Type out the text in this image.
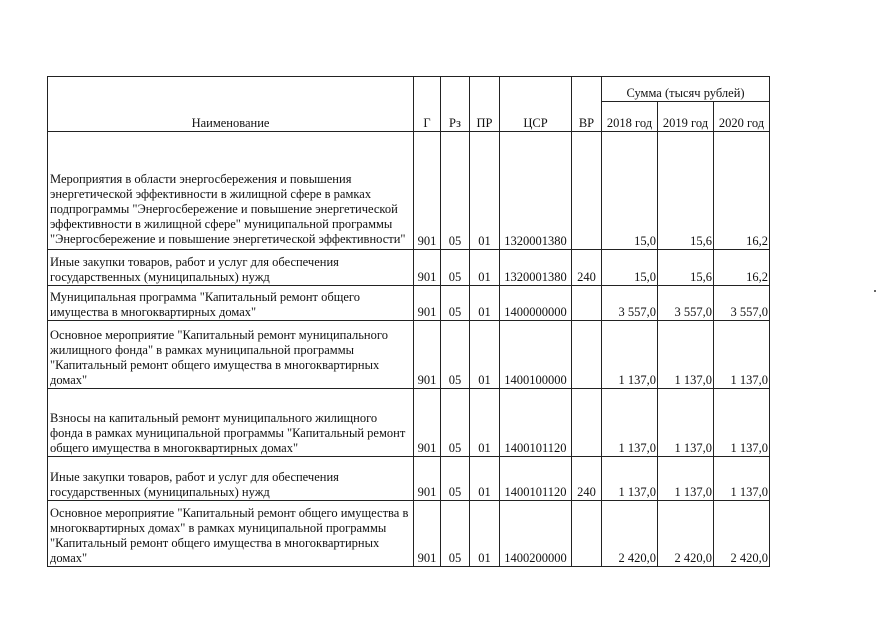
Наименование	Г	Рз	ПР	ЦСР	ВР	Сумма (тысяч рублей)		
						2018 год	2019 год	2020 год
Мероприятия в области энергосбережения и повышения энергетической эффективности в жилищной сфере в рамках подпрограммы "Энергосбережение и повышение энергетической эффективности в жилищной сфере" муниципальной программы "Энергосбережение и повышение энергетической эффективности"	901	05	01	1320001380		15,0	15,6	16,2
Иные закупки товаров, работ и услуг для обеспечения государственных (муниципальных) нужд	901	05	01	1320001380	240	15,0	15,6	16,2
Муниципальная программа "Капитальный ремонт общего имущества в многоквартирных домах"	901	05	01	1400000000		3 557,0	3 557,0	3 557,0
Основное мероприятие "Капитальный ремонт муниципального жилищного фонда" в рамках муниципальной программы "Капитальный ремонт общего имущества в многоквартирных домах"	901	05	01	1400100000		1 137,0	1 137,0	1 137,0
Взносы на капитальный ремонт муниципального жилищного фонда в рамках муниципальной программы "Капитальный ремонт общего имущества в многоквартирных домах"	901	05	01	1400101120		1 137,0	1 137,0	1 137,0
Иные закупки товаров, работ и услуг для обеспечения государственных (муниципальных) нужд	901	05	01	1400101120	240	1 137,0	1 137,0	1 137,0
Основное мероприятие "Капитальный ремонт общего имущества в многоквартирных домах" в рамках муниципальной программы "Капитальный ремонт общего имущества в многоквартирных домах"	901	05	01	1400200000		2 420,0	2 420,0	2 420,0
